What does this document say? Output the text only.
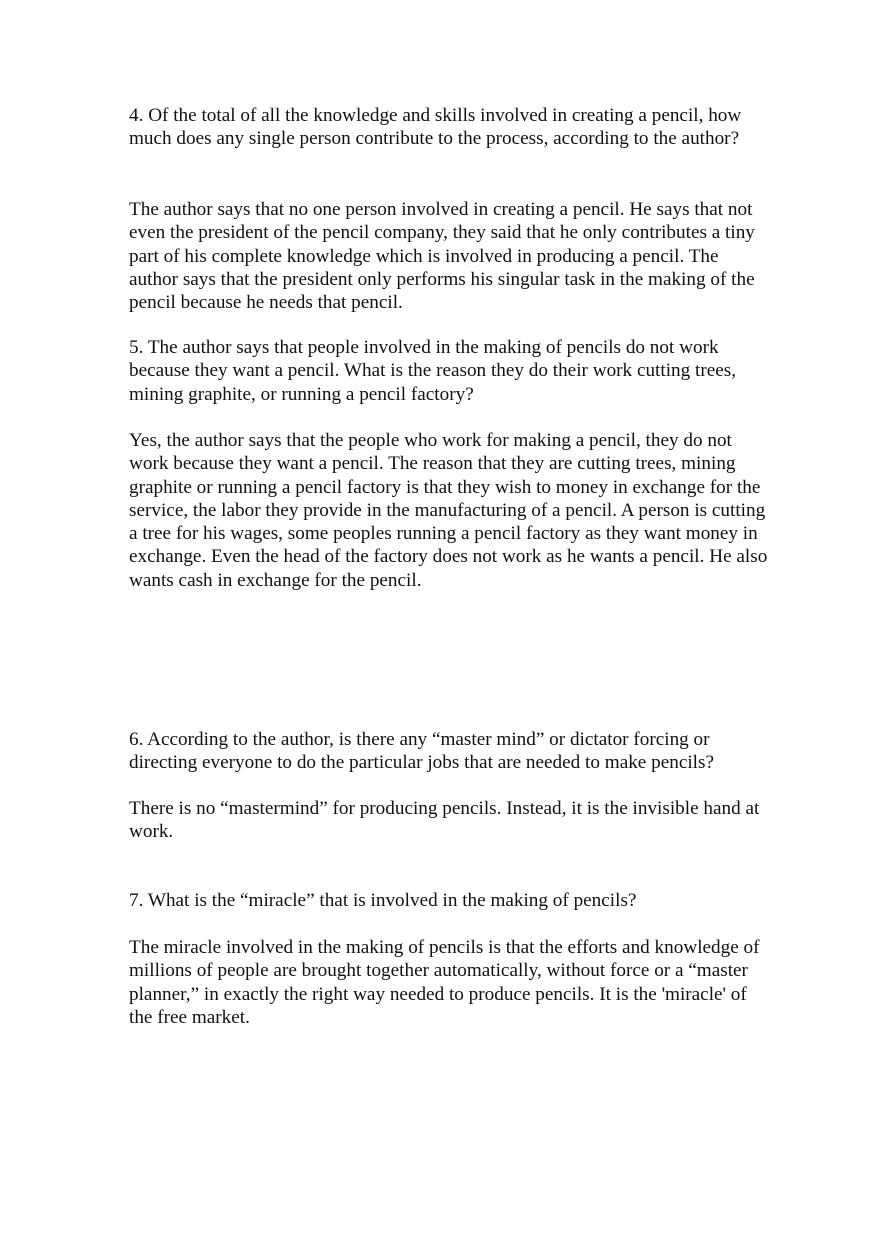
4. Of the total of all the knowledge and skills involved in creating a pencil, how much does any single person contribute to the process, according to the author?

The author says that no one person involved in creating a pencil. He says that not even the president of the pencil company, they said that he only contributes a tiny part of his complete knowledge which is involved in producing a pencil. The author says that the president only performs his singular task in the making of the pencil because he needs that pencil.

5. The author says that people involved in the making of pencils do not work because they want a pencil. What is the reason they do their work cutting trees, mining graphite, or running a pencil factory?

Yes, the author says that the people who work for making a pencil, they do not work because they want a pencil. The reason that they are cutting trees, mining graphite or running a pencil factory is that they wish to money in exchange for the service, the labor they provide in the manufacturing of a pencil. A person is cutting a tree for his wages, some peoples running a pencil factory as they want money in exchange. Even the head of the factory does not work as he wants a pencil. He also wants cash in exchange for the pencil.

6. According to the author, is there any “master mind” or dictator forcing or directing everyone to do the particular jobs that are needed to make pencils?

There is no “mastermind” for producing pencils. Instead, it is the invisible hand at work.

7. What is the “miracle” that is involved in the making of pencils?

The miracle involved in the making of pencils is that the efforts and knowledge of millions of people are brought together automatically, without force or a “master planner,” in exactly the right way needed to produce pencils. It is the 'miracle' of the free market.
